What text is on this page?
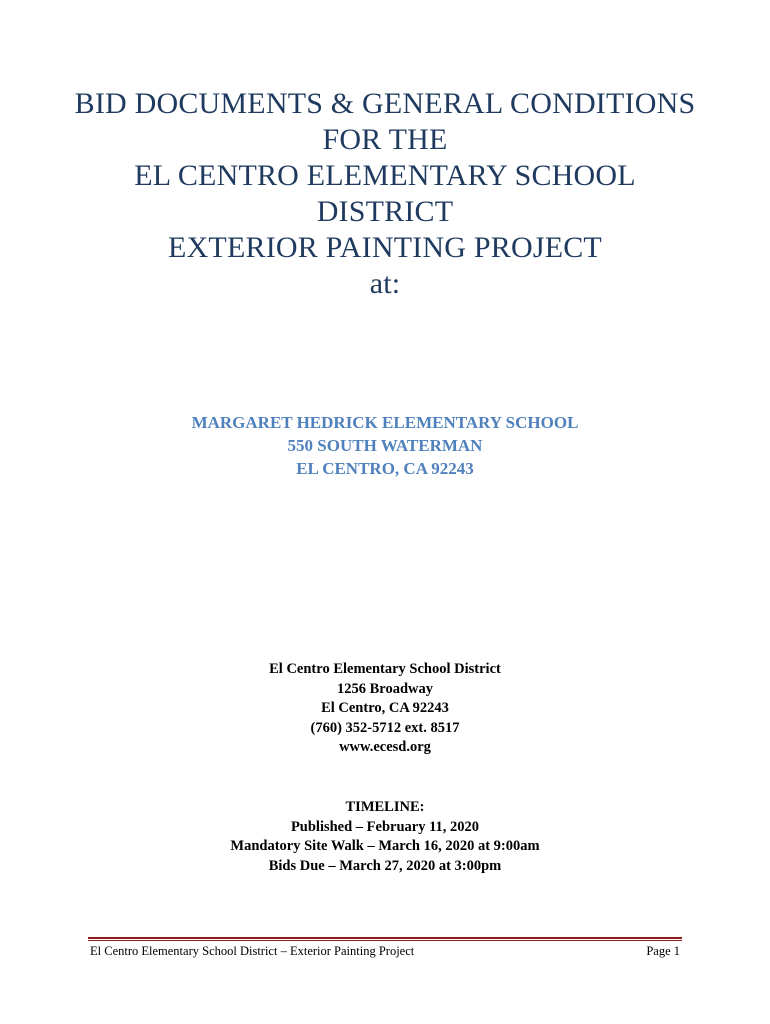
BID DOCUMENTS & GENERAL CONDITIONS
FOR THE
EL CENTRO ELEMENTARY SCHOOL
DISTRICT
EXTERIOR PAINTING PROJECT
at:
MARGARET HEDRICK ELEMENTARY SCHOOL
550 SOUTH WATERMAN
EL CENTRO, CA 92243
El Centro Elementary School District
1256 Broadway
El Centro, CA 92243
(760) 352-5712 ext. 8517
www.ecesd.org
TIMELINE:
Published – February 11, 2020
Mandatory Site Walk – March 16, 2020 at 9:00am
Bids Due – March 27, 2020 at 3:00pm
El Centro Elementary School District – Exterior Painting Project	Page 1
